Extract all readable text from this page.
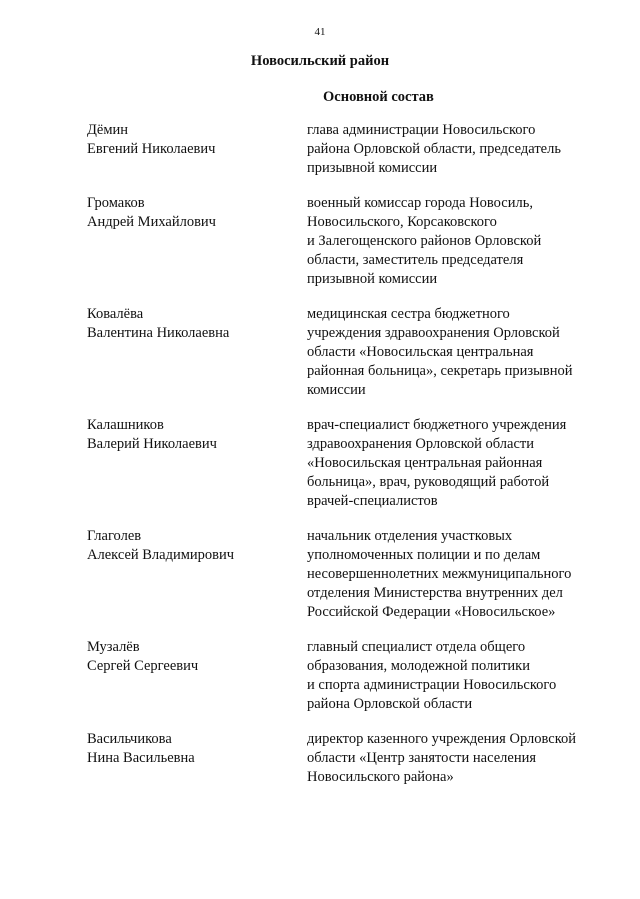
41
Новосильский район
Основной состав
Дёмин
Евгений Николаевич

глава администрации Новосильского
района Орловской области, председатель
призывной комиссии

Громаков
Андрей Михайлович

военный комиссар города Новосиль,
Новосильского, Корсаковского
и Залегощенского районов Орловской
области, заместитель председателя
призывной комиссии

Ковалёва
Валентина Николаевна

медицинская сестра бюджетного
учреждения здравоохранения Орловской
области «Новосильская центральная
районная больница», секретарь призывной
комиссии

Калашников
Валерий Николаевич

врач-специалист бюджетного учреждения
здравоохранения Орловской области
«Новосильская центральная районная
больница», врач, руководящий работой
врачей-специалистов

Глаголев
Алексей Владимирович

начальник отделения участковых
уполномоченных полиции и по делам
несовершеннолетних межмуниципального
отделения Министерства внутренних дел
Российской Федерации «Новосильское»

Музалёв
Сергей Сергеевич

главный специалист отдела общего
образования, молодежной политики
и спорта администрации Новосильского
района Орловской области

Васильчикова
Нина Васильевна

директор казенного учреждения Орловской
области «Центр занятости населения
Новосильского района»
